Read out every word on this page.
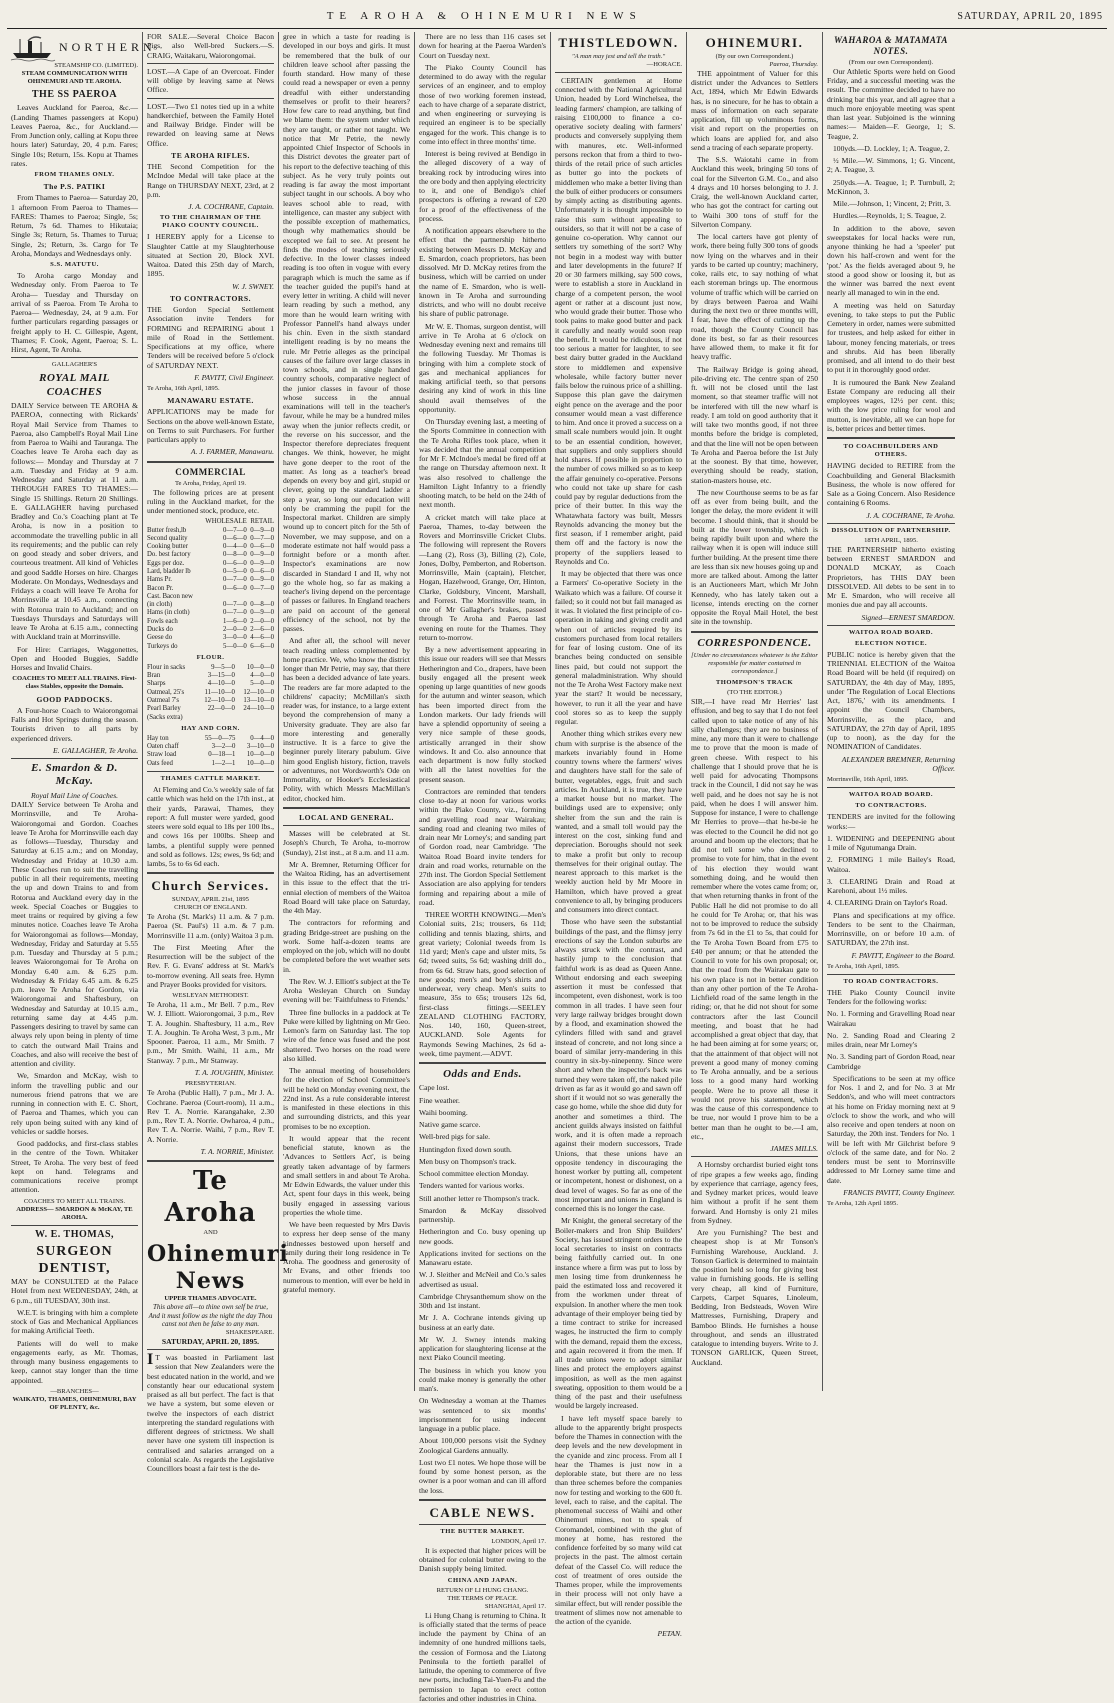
TE AROHA & OHINEMURI NEWS	SATURDAY, APRIL 20, 1895
NORTHERN
STEAMSHIP CO. (LIMITED).
STEAM COMMUNICATION WITH OHINEMURI AND TE AROHA.
THE SS PAEROA

Leaves Auckland for Paeroa, &c.— (Landing Thames passengers at Kopu) Leaves Paeroa, &c., for Auckland.— From Junction only, calling at Kopu three hours later) Saturday, 20, 4 p.m. Fares; Single 10s; Return, 15s. Kopu at Thames rates.

FROM THAMES ONLY.
The P.S. PATIKI

From Thames to Paeroa— Saturday 20, 1 afternoon From Paeroa to Thames— FARES: Thames to Paeroa; Single, 5s; Return, 7s 6d. Thames to Hikutaia; Single 3s; Return, 5s. Thames to Turua; Single, 2s; Return, 3s. Cargo for Te Aroha, Mondays and Wednesdays only.

S.S. MATUTU.

To Aroha cargo Monday and Wednesday only. From Paeroa to Te Aroha— Tuesday and Thursday on arrival of ss Paeroa. From Te Aroha to Paeroa— Wednesday, 24, at 9 a.m. For further particulars regarding passages or freight apply to H. C. Gillespie, Agent, Thames; F. Cook, Agent, Paeroa; S. L. Hirst, Agent, Te Aroha.

GALLAGHER'S
ROYAL MAIL COACHES

DAILY Service between TE AROHA & PAEROA, connecting with Rickards' Royal Mail Service from Thames to Paeroa, also Campbell's Royal Mail Line from Paeroa to Waihi and Tauranga. The Coaches leave Te Aroha each day as follows:— Monday and Thursday at 7 a.m. Tuesday and Friday at 9 a.m. Wednesday and Saturday at 11 a.m. THROUGH FARES TO THAMES:— Single 15 Shillings. Return 20 Shillings. E. GALLAGHER having purchased Bradley and Co.'s Coaching plant at Te Aroha, is now in a position to accommodate the travelling public in all its requirements; and the public can rely on good steady and sober drivers, and courteous treatment. All kind of Vehicles and good Saddle Horses on hire. Charges Moderate. On Mondays, Wednesdays and Fridays a coach will leave Te Aroha for Morrinsville at 10.45 a.m., connecting with Rotorua train to Auckland; and on Tuesdays Thursdays and Saturdays will leave Te Aroha at 6.15 a.m., connecting with Auckland train at Morrinsville.

For Hire: Carriages, Waggonettes, Open and Hooded Buggies, Saddle Horses and Invalid Chairs.

COACHES TO MEET ALL TRAINS. First-class Stables, opposite the Domain.
GOOD PADDOCKS.

A Four-horse Coach to Waiorongomai Falls and Hot Springs during the season. Tourists driven to all parts by experienced drivers.

E. GALLAGHER, Te Aroha.
E. Smardon & D. McKay.
Royal Mail Line of Coaches.

DAILY Service between Te Aroha and Morrinsville, and Te Aroha-Waiorongomai and Gordon. Coaches leave Te Aroha for Morrinsville each day as follows—Tuesday, Thursday and Saturday at 6.15 a.m.; and on Monday, Wednesday and Friday at 10.30 a.m. These Coaches run to suit the travelling public in all their requirements, meeting the up and down Trains to and from Rotorua and Auckland every day in the week. Special Coaches or Buggies to meet trains or required by giving a few minutes notice. Coaches leave Te Aroha for Waiorongomai as follows—Monday, Wednesday, Friday and Saturday at 5.55 p.m. Tuesday and Thursday at 5 p.m.; leaves Waiorongomai for Te Aroha on Monday 6.40 a.m. & 6.25 p.m. Wednesday & Friday 6.45 a.m. & 6.25 p.m. leave Te Aroha for Gordon, via Waiorongomai and Shaftesbury, on Wednesday and Saturday at 10.15 a.m., returning same day at 4.45 p.m. Passengers desiring to travel by same can always rely upon being in plenty of time to catch the outward Mail Trains and Coaches, and also will receive the best of attention and civility.

We, Smardon and McKay, wish to inform the travelling public and our numerous friend patrons that we are running in connection with E. C. Short, of Paeroa and Thames, which you can rely upon being suited with any kind of vehicles or saddle horses.

Good paddocks, and first-class stables in the centre of the Town. Whitaker Street, Te Aroha. The very best of feed kept on hand. Telegrams and communications receive prompt attention.

COACHES TO MEET ALL TRAINS.
ADDRESS— SMARDON & McKAY, TE AROHA.
W. E. THOMAS,
SURGEON DENTIST,

MAY be CONSULTED at the Palace Hotel from next WEDNESDAY, 24th, at 6 p.m., till TUESDAY, 30th inst.

W.E.T. is bringing with him a complete stock of Gas and Mechanical Appliances for making Artificial Teeth.

Patients will do well to make engagements early, as Mr. Thomas, through many business engagements to keep, cannot stay longer than the time appointed.

—BRANCHES—
WAIKATO, THAMES, OHINEMURI, BAY OF PLENTY, &c.

FOR SALE.—Several Choice Bacon Pigs, also Well-bred Suckers.—S. CRAIG, Waitakaru, Waiorongomai.

LOST.—A Cape of an Overcoat. Finder will oblige by leaving same at News Office.

LOST.—Two £1 notes tied up in a white handkerchief, between the Family Hotel and Railway Bridge. Finder will be rewarded on leaving same at News Office.

TE AROHA RIFLES.

THE Second Competition for the McIndoe Medal will take place at the Range on THURSDAY NEXT, 23rd, at 2 p.m.

J. A. COCHRANE, Captain.
TO THE CHAIRMAN OF THE PIAKO COUNTY COUNCIL.

I HEREBY apply for a License to Slaughter Cattle at my Slaughterhouse situated at Section 20, Block XVI. Waitoa. Dated this 25th day of March, 1895.

W. J. SWNEY.
TO CONTRACTORS.

THE Gordon Special Settlement Association invite Tenders for FORMING and REPAIRING about 1 mile of Road in the Settlement. Specifications at my office, where Tenders will be received before 5 o'clock of SATURDAY NEXT.

F. PAVITT, Civil Engineer.
Te Aroha, 16th April, 1895.
MANAWARU ESTATE.

APPLICATIONS may be made for Sections on the above well-known Estate, on Terms to suit Purchasers. For further particulars apply to

A. J. FARMER, Manawaru.
COMMERCIAL
Te Aroha, Friday, April 19.

The following prices are at present ruling in the Auckland market, for the under mentioned stock, produce, etc.

	WHOLESALE	RETAIL
Butter fresh,lb	0—7—0	0—9—0
Second quality	0—6—0	0—7—0
Cooking butter	0—4—0	0—6—0
Do. best factory	0—8—0	0—9—0
Eggs per doz.	0—6—0	0—9—0
Lard, bladder lb	0—5—0	0—6—0
Hams Pr.	0—7—0	0—9—0
Bacon Pr.	0—6—0	0—7—0
Cast. Bacon new		
(in cloth)	0—7—0	0—8—0
Hams (in cloth)	0—7—0	0—9—0
Fowls each	1—6—0	2—0—0
Ducks do	2—0—0	2—6—0
Geese do	3—0—0	4—6—0
Turkeys do	5—0—0	6—6—0
FLOUR.
Flour in sacks	9—5—0	10—0—0
Bran	3—15—0	4—0—0
Sharps	4—10—0	5—0—0
Oatmeal, 25's	11—10—0	12—10—0
Oatmeal 7's	12—10—0	13—10—0
Pearl Barley	22—0—0	24—10—0
(Sacks extra)		
HAY AND CORN.
Hay ton	55—0—75	0—4—0
Oaten chaff	3—2—0	3—10—0
Straw load	0—18—1	10—0—0
Oats feed	1—2—1	10—0—0
THAMES CATTLE MARKET.

At Fleming and Co.'s weekly sale of fat cattle which was held on the 17th inst., at their yards, Parawai, Thames, they report: A full muster were yarded, good steers were sold equal to 18s per 100 lbs., and cows 16s per 100lbs. Sheep and lambs, a plentiful supply were penned and sold as follows. 12s; ewes, 9s 6d; and lambs, 5s to 6s 6d each.

Church Services.
SUNDAY, APRIL 21st, 1895
CHURCH OF ENGLAND.

Te Aroha (St. Mark's) 11 a.m. & 7 p.m. Paeroa (St. Paul's) 11 a.m. & 7 p.m. Morrinsville 11 a.m. (only) Waitoa 3 p.m.

The First Meeting After the Resurrection will be the subject of the Rev. F. G. Evans' address at St. Mark's to-morrow evening. All seats free. Hymn and Prayer Books provided for visitors.

WESLEYAN METHODIST.

Te Aroha, 11 a.m., Mr Bell. 7 p.m., Rev W. J. Elliott. Waiorongomai, 3 p.m., Rev T. A. Joughin. Shaftesbury, 11 a.m., Rev T. A. Joughin. Te Aroha West, 3 p.m., Mr Spooner. Paeroa, 11 a.m., Mr Smith. 7 p.m., Mr Smith. Waihi, 11 a.m., Mr Stanway. 7 p.m., Mr Stanway.

T. A. JOUGHIN, Minister.
PRESBYTERIAN.

Te Aroha (Public Hall), 7 p.m., Mr J. A. Cochrane. Paeroa (Court-room), 11 a.m., Rev T. A. Norrie. Karangahake, 2.30 p.m., Rev T. A. Norrie. Owharoa, 4 p.m., Rev T. A. Norrie. Waihi, 7 p.m., Rev T. A. Norrie.

T. A. NORRIE, Minister.
Te Aroha
AND
Ohinemuri News
UPPER THAMES ADVOCATE.
This above all—to thine own self be true, And it must follow as the night the day Thou canst not then be false to any man.
SHAKESPEARE.
SATURDAY, APRIL 20, 1895.

IT was boasted in Parliament last session that New Zealanders were the best educated nation in the world, and we constantly hear our educational system praised as all but perfect. The fact is that we have a system, but some eleven or twelve the inspectors of each district interpreting the standard regulations with different degrees of strictness. We shall never have one system till inspection is centralised and salaries arranged on a colonial scale. As regards the Legislative Councillors boast a fair test is the de-

gree in which a taste for reading is developed in our boys and girls. It must be remembered that the bulk of our children leave school after passing the fourth standard. How many of these could read a newspaper or even a penny dreadful with either understanding themselves or profit to their hearers? How few care to read anything, but find we blame them: the system under which they are taught, or rather not taught. We notice that Mr Petrie, the newly appointed Chief Inspector of Schools in this District devotes the greater part of his report to the defective teaching of this subject. As he very truly points out reading is far away the most important subject taught in our schools. A boy who leaves school able to read, with intelligence, can master any subject with the possible exception of mathematics, though why mathematics should be excepted we fail to see. At present he finds the modes of teaching seriously defective. In the lower classes indeed reading is too often in vogue with every paragraph which is much the same as if the teacher guided the pupil's hand at every letter in writing. A child will never learn reading by such a method, any more than he would learn writing with Professor Pannell's hand always under his chin. Even in the sixth standard intelligent reading is by no means the rule. Mr Petrie alleges as the principal causes of the failure over large classes in town schools, and in single handed country schools, comparative neglect of the junior classes in favour of those whose success in the annual examinations will tell in the teacher's favour, while he may be a hundred miles away when the junior reflects credit, or the reverse on his successor, and the Inspector therefore depreciates frequent changes. We think, however, he might have gone deeper to the root of the matter. As long as a teacher's bread depends on every boy and girl, stupid or clever, going up the standard ladder a step a year, so long our education will only be cramming the pupil for the Inspectoral market. Children are simply wound up to concert pitch for the 5th of November, we may suppose, and on a moderate estimate not half would pass a fortnight before or a month after. Inspector's examinations are now discarded in Standard I and II, why not go the whole hog, so far as making a teacher's living depend on the percentage of passes or failures. In England teachers are paid on account of the general efficiency of the school, not by the passes.

And after all, the school will never teach reading unless complemented by home practice. We, who know the district longer than Mr Petrie, may say, that there has been a decided advance of late years. The readers are far more adapted to the childrens' capacity; McMillan's sixth reader was, for instance, to a large extent beyond the comprehension of many a University graduate. They are also far more interesting and generally instructive. It is a farce to give the beginner purely literary pabulum. Give him good English history, fiction, travels or adventures, not Wordsworth's Ode on Immortality, or Hooker's Ecclesiastical Polity, with which Messrs MacMillan's editor, chocked him.

LOCAL AND GENERAL.

Masses will be celebrated at St. Joseph's Church, Te Aroha, to-morrow (Sunday), 21st inst., at 8 a.m. and 11 a.m.

Mr A. Bremner, Returning Officer for the Waitoa Riding, has an advertisement in this issue to the effect that the tri-ennial election of members of the Waitoa Road Board will take place on Saturday, the 4th May.

The contractors for reforming and grading Bridge-street are pushing on the work. Some half-a-dozen teams are employed on the job, which will no doubt be completed before the wet weather sets in.

The Rev. W. J. Elliott's subject at the Te Aroha Wesleyan Church on Sunday evening will be: 'Faithfulness to Friends.'

Three fine bullocks in a paddock at Te Puke were killed by lightning on Mr Geo. Lemon's farm on Saturday last. The top wire of the fence was fused and the post shattered. Two horses on the road were also killed.

The annual meeting of householders for the election of School Committee's will be held on Monday evening next, the 22nd inst. As a rule considerable interest is manifested in these elections in this and surrounding districts, and this year promises to be no exception.

It would appear that the recent beneficial statute, known as the 'Advances to Settlers Act', is being greatly taken advantage of by farmers and small settlers in and about Te Aroha. Mr Edwin Edwards, the valuer under this Act, spent four days in this week, being busily engaged in assessing various properties the whole time.

We have been requested by Mrs Davis to express her deep sense of the many kindnesses bestowed upon herself and family during their long residence in Te Aroha. The goodness and generosity of Mr Evans, and other friends too numerous to mention, will ever be held in grateful memory.

There are no less than 116 cases set down for hearing at the Paeroa Warden's Court on Tuesday next.

The Piako County Council has determined to do away with the regular services of an engineer, and to employ those of two working foremen instead, each to have charge of a separate district, and when engineering or surveying is required an engineer is to be specially engaged for the work. This change is to come into effect in three months' time.

Interest is being revived at Bendigo in the alleged discovery of a way of breaking rock by introducing wires into the ore body and then applying electricity to it, and one of Bendigo's chief prospectors is offering a reward of £20 for a proof of the effectiveness of the process.

A notification appears elsewhere to the effect that the partnership hitherto existing between Messrs D. McKay and E. Smardon, coach proprietors, has been dissolved. Mr D. McKay retires from the business, which will be carried on under the name of E. Smardon, who is well-known in Te Aroha and surrounding districts, and who will no doubt receive his share of public patronage.

Mr W. E. Thomas, surgeon dentist, will arrive in Te Aroha at 6 o'clock on Wednesday evening next and remains till the following Tuesday. Mr Thomas is bringing with him a complete stock of gas and mechanical appliances for making artificial teeth, so that persons desiring any kind of work in this line should avail themselves of the opportunity.

On Thursday evening last, a meeting of the Sports Committee in connection with the Te Aroha Rifles took place, when it was decided that the annual competition for Mr F. McIndoe's medal be fired off at the range on Thursday afternoon next. It was also resolved to challenge the Hamilton Light Infantry to a friendly shooting match, to be held on the 24th of next month.

A cricket match will take place at Paeroa, Thames, to-day between the Rovers and Morrinsville Cricket Clubs. The following will represent the Rovers—Lang (2), Ross (3), Billing (2), Cole, Jones, Dolby, Pemberton, and Robertson. Morrinsville, Main (captain), Fletcher, Hogan, Hazelwood, Grange, Orr, Hinton, Clarke, Goldsbury, Vincent, Marshall, and Forrest. The Morrinsville team, in one of Mr Gallagher's brakes, passed through Te Aroha and Paeroa last evening en route for the Thames. They return to-morrow.

By a new advertisement appearing in this issue our readers will see that Messrs Hetherington and Co., drapers, have been busily engaged all the present week opening up large quantities of new goods for the autumn and winter season, which has been imported direct from the London markets. Our lady friends will have a splendid opportunity of seeing a very nice sample of these goods, artistically arranged in their show windows. It and Co. also announce that each department is now fully stocked with all the latest novelties for the present season.

Contractors are reminded that tenders close to-day at noon for various works within the Piako County, viz., forming and gravelling road near Wairakau; sanding road and cleaning two miles of drain near Mr Lorney's; and sanding part of Gordon road, near Cambridge. 'The Waitoa Road Board invite tenders for drain and road works, returnable on the 27th inst. The Gordon Special Settlement Association are also applying for tenders forming and repairing about a mile of road.

THREE WORTH KNOWING.—Men's Colonial suits, 21s; trousers, 6s 11d; colliding and tennis blazing, shirts, and great variety; Colonial tweeds from 1s 11d yard; Men's cape and ulster mits, 5s 6d; tweed suits, 5s 6d; washing drill do., from 6s 6d. Straw hats, good selection of new goods; men's and boy's shirts and underwear, very cheap. Men's suits to measure, 35s to 65s; trousers 12s 6d, first-class fittings.—SEELEY ZEALAND CLOTHING FACTORY, Nos. 140, 160, Queen-street, AUCKLAND. Sole Agents for Raymonds Sewing Machines, 2s 6d a-week, time payment.—ADVT.

Odds and Ends.

Cape lost.

Fine weather.

Waihi booming.

Native game scarce.

Well-bred pigs for sale.

Huntingdon fixed down south.

Men busy on Thompson's track.

School committee election Monday.

Tenders wanted for various works.

Still another letter re Thompson's track.

Smardon & McKay dissolved partnership.

Hetherington and Co. busy opening up new goods.

Applications invited for sections on the Manawaru estate.

W. J. Sleither and McNeil and Co.'s sales advertised as usual.

Cambridge Chrysanthemum show on the 30th and 1st instant.

Mr J. A. Cochrane intends giving up business at an early date.

Mr W. J. Swney intends making application for slaughtering license at the next Piako Council meeting.

The business in which you know you could make money is generally the other man's.

On Wednesday a woman at the Thames was sentenced to six months' imprisonment for using indecent language in a public place.

About 100,000 persons visit the Sydney Zoological Gardens annually.

Lost two £1 notes. We hope those will be found by some honest person, as the owner is a poor woman and can ill afford the loss.

CABLE NEWS.
THE BUTTER MARKET.
LONDON, April 17.

It is expected that higher prices will be obtained for colonial butter owing to the Danish supply being limited.

CHINA AND JAPAN.
RETURN OF LI HUNG CHANG.
THE TERMS OF PEACE.
SHANGHAI, April 17.

Li Hung Chang is returning to China. It is officially stated that the terms of peace include the payment by China of an indemnity of one hundred millions taels, the cession of Formosa and the Liatong Peninsula to the fortieth parallel of latitude, the opening to commerce of five new ports, including Tai-Yuen-Fu and the permission to Japan to erect cotton factories and other industries in China.

THISTLEDOWN.
"A man may jest and tell the truth."
—HORACE.

CERTAIN gentlemen at Home connected with the National Agricultural Union, headed by Lord Winchelsea, the leading farmers' champion, are talking of raising £100,000 to finance a co-operative society dealing with farmers' products and conversely supplying them with manures, etc. Well-informed persons reckon that from a third to two-thirds of the retail price of such articles as butter go into the pockets of middlemen who make a better living than the bulk of either producers or consumers by simply acting as distributing agents. Unfortunately it is thought impossible to raise this sum without appealing to outsiders, so that it will not be a case of genuine co-operation. Why cannot our settlers try something of the sort? Why not begin in a modest way with butter and later developments in the future? If 20 or 30 farmers milking, say 500 cows, were to establish a store in Auckland in charge of a competent person, the wool agent or rather at a discount just now, who would grade their butter. Those who took pains to make good butter and pack it carefully and neatly would soon reap the benefit. It would be ridiculous, if not too serious a matter for laughter, to see best dairy butter graded in the Auckland store to middlemen and expensive wholesale, while factory butter never fails below the ruinous price of a shilling. Suppose this plan gave the dairymen eight pence on the average and the poor consumer would mean a vast difference to him. And once it proved a success on a small scale numbers would join. It ought to be an essential condition, however, that suppliers and only suppliers should hold shares. If possible in proportion to the number of cows milked so as to keep the affair genuinely co-operative. Persons who could not take up share for cash could pay by regular deductions from the price of their butter. In this way the Whatawhata factory was built, Messrs Reynolds advancing the money but the first season, if I remember aright, paid them off and the factory is now the property of the suppliers leased to Reynolds and Co.

It may be objected that there was once a Farmers' Co-operative Society in the Waikato which was a failure. Of course it failed; so it could not but fail managed as it was. It violated the first principle of co-operation in taking and giving credit and when out of articles required by its customers purchased from local retailers for fear of losing custom. One of its branches being conducted on sensible lines paid, but could not support the general maladministration. Why should not the Te Aroha West Factory make next year the start? It would be necessary, however, to run it all the year and have cool stores so as to keep the supply regular.

Another thing which strikes every new chum with surprise is the absence of the markets invariably found in Home country towns where the farmers' wives and daughters have stall for the sale of butter, vegetables, eggs, fruit and such articles. In Auckland, it is true, they have a market house but no market. The buildings used are to expensive; only shelter from the sun and the rain is wanted, and a small toll would pay the interest on the cost, sinking fund and depreciation. Boroughs should not seek to make a profit but only to recoup themselves for their original outlay. The nearest approach to this market is the weekly auction held by Mr Moore in Hamilton, which have proved a great convenience to all, by bringing producers and consumers into direct contact.

Those who have seen the substantial buildings of the past, and the flimsy jerry erections of say the London suburbs are always struck with the contrast, and hastily jump to the conclusion that faithful work is as dead as Queen Anne. Without endorsing and each sweeping assertion it must be confessed that incompetent, even dishonest, work is too common in all trades. I have seen four very large railway bridges brought down by a flood, and examination showed the cylinders filled with sand and gravel instead of concrete, and not long since a board of similar jerry-mandering in this country in six-by-ninepenny. Since were short and when the inspector's back was turned they were taken off, the naked pile driven as far as it would go and sawn off short if it would not so was generally the case go home, while the shoe did duty for another and sometimes a third. The ancient guilds always insisted on faithful work, and it is often made a reproach against their modern successors, Trade Unions, that these unions have an opposite tendency in discouraging the honest worker by putting all, competent or incompetent, honest or dishonest, on a dead level of wages. So far as one of the most important and unions in England is concerned this is no longer the case.

Mr Knight, the general secretary of the Boiler-makers and Iron Ship Builders' Society, has issued stringent orders to the local secretaries to insist on contracts being faithfully carried out. In one instance where a firm was put to loss by men losing time from drunkenness he paid the estimated loss and recovered it from the workmen under threat of expulsion. In another where the men took advantage of their employer being tied by a time contract to strike for increased wages, he instructed the firm to comply with the demand, repaid them the excess, and again recovered it from the men. If all trade unions were to adopt similar lines and protect the employers against imposition, as well as the men against sweating, opposition to them would be a thing of the past and their usefulness would be largely increased.

I have left myself space barely to allude to the apparently bright prospects before the Thames in connection with the deep levels and the new development in the cyanide and zinc process. From all I hear the Thames is just now in a deplorable state, but there are no less than three schemes before the companies now for testing and working to the 600 ft. level, each to raise, and the capital. The phenomenal success of Waihi and other Ohinemuri mines, not to speak of Coromandel, combined with the glut of money at home, has restored the confidence forfeited by so many wild cat projects in the past. The almost certain defeat of the Cassel Co. will reduce the cost of treatment of ores outside the Thames proper, while the improvements in their process will not only have a similar effect, but will render possible the treatment of slimes now not amenable to the action of the cyanide.

PETAN.
OHINEMURI.
(By our own Correspondent.)
Paeroa, Thursday.

THE appointment of Valuer for this district under the Advances to Settlers Act, 1894, which Mr Edwin Edwards has, is no sinecure, for he has to obtain a mass of information on each separate application, fill up voluminous forms, visit and report on the properties on which loans are applied for, and also send a tracing of each separate property.

The S.S. Waiotahi came in from Auckland this week, bringing 50 tons of coal for the Silverton G.M. Co., and also 4 drays and 10 horses belonging to J. J. Craig, the well-known Auckland carter, who has got the contract for carting out to Waihi 300 tons of stuff for the Silverton Company.

The local carters have got plenty of work, there being fully 300 tons of goods now lying on the wharves and in their yards to be carted up country; machinery, coke, rails etc, to say nothing of what each storeman brings up. The enormous volume of traffic which will be carried on by drays between Paeroa and Waihi during the next two or three months will, I fear, have the effect of cutting up the road, though the County Council has done its best, so far as their resources have allowed them, to make it fit for heavy traffic.

The Railway Bridge is going ahead, pile-driving etc. The centre span of 250 ft. will not be closed until the last moment, so that steamer traffic will not be interfered with till the new wharf is ready. I am told on good authority that it will take two months good, if not three months before the bridge is completed, and that the line will not be open between Te Aroha and Paeroa before the 1st July at the soonest. By that time, however, everything should be ready, station, station-masters house, etc.

The new Courthouse seems to be as far off as ever from being built, and the longer the delay, the more evident it will become. I should think, that it should be built at the lower township, which is being rapidly built upon and where the railway when it is open will induce still further building. At the present time there are less than six new houses going up and more are talked about. Among the latter is an Auctioneers Mart, which Mr John Kennedy, who has lately taken out a license, intends erecting on the corner opposite the Royal Mail Hotel, the best site in the township.

CORRESPONDENCE.
[Under no circumstances whatever is the Editor responsible for matter contained in correspondence.]
THOMPSON'S TRACK
(TO THE EDITOR.)

SIR,—I have read Mr Herries' last effusion, and beg to say that I do not feel called upon to take notice of any of his silly challenges; they are no business of mine, any more than it were to challenge me to prove that the moon is made of green cheese. With respect to his challenge that I should prove that he is well paid for advocating Thompsons track in the Council, I did not say he was well paid, and he does not say he is not paid, when he does I will answer him. Suppose for instance, I were to challenge Mr Herries to prove—that he-be-ie he was elected to the Council he did not go around and boom up the electors; that he did not tell some who declined to promise to vote for him, that in the event of his election they would want something doing, and he would then remember where the votes came from; or, that when returning thanks in front of the Public Hall he did not promise to do all he could for Te Aroha; or, that his was not to be improved to reduce the subsidy from 7s 6d in the £1 to 5s, that could for the Te Aroha Town Board from £75 to £40 per annum; or that he attended the Council to vote for his own proposal; or, that the road from the Wairakau gate to his own place is not in better condition than any other portion of the Te Aroha-Lichfield road of the same length in the riding; or, that he did not shout for some contractors after the last Council meeting, and boast that he had accomplished a great object that day, that he had been aiming at for some years; or, that the attainment of that object will not prevent a good many of money coming to Te Aroha annually, and be a serious loss to a good many hard working people. Were he to prove all these it would not prove his statement, which was the cause of this correspondence to be true, nor would I prove him to be a better man than he ought to be.—I am, etc.,

JAMES MILLS.

A Hornsby orchardist buried eight tons of ripe grapes a few weeks ago, finding by experience that carriage, agency fees, and Sydney market prices, would leave him without a profit if he sent them forward. And Hornsby is only 21 miles from Sydney.

Are you Furnishing? The best and cheapest shop is at Mr Tonson's Furnishing Warehouse, Auckland. J. Tonson Garlick is determined to maintain the position held so long for giving best value in furnishing goods. He is selling very cheap, all kind of Furniture, Carpets, Carpet Squares, Linoleum, Bedding, Iron Bedsteads, Woven Wire Mattresses, Furnishing, Drapery and Bamboo Blinds. He furnishes a house throughout, and sends an illustrated catalogue to intending buyers. Write to J. TONSON GARLICK, Queen Street, Auckland.

WAHAROA & MATAMATA NOTES.
(From our own Correspondent).

Our Athletic Sports were held on Good Friday, and a successful meeting was the result. The committee decided to have no drinking bar this year, and all agree that a much more enjoyable meeting was spent than last year. Subjoined is the winning names:— Maiden—F. George, 1; S. Teague, 2.

100yds.—D. Lockley, 1; A. Teague, 2.

½ Mile.—W. Simmons, 1; G. Vincent, 2; A. Teague, 3.

250yds.—A. Teague, 1; P. Turnbull, 2; McKinnon, 3.

Mile.—Johnson, 1; Vincent, 2; Pritt, 3.

Hurdles.—Reynolds, 1; S. Teague, 2.

In addition to the above, seven sweepstakes for local hacks were run, anyone thinking he had a 'speeler' put down his half-crown and went for the 'pot.' As the fields averaged about 9, he stood a good show or loosing it, but as the winner was barred the next event nearly all managed to win in the end.

A meeting was held on Saturday evening, to take steps to put the Public Cemetery in order, names were submitted for trustees, and help asked for either in labour, money fencing materials, or trees and shrubs. Aid has been liberally promised, and all intend to do their best to put it in thoroughly good order.

It is rumoured the Bank New Zealand Estate Company are reducing all their employees wages, 12½ per cent. this; with the low price ruling for wool and mutton, is inevitable, all we can hope for is, better prices and better times.

TO COACHBUILDERS AND OTHERS.

HAVING decided to RETIRE from the Coachbuilding and General Blacksmith Business, the whole is now offered for Sale as a Going Concern. Also Residence containing 6 Rooms.

J. A. COCHRANE, Te Aroha.
DISSOLUTION OF PARTNERSHIP.
18TH APRIL, 1895.

THE PARTNERSHIP hitherto existing between ERNEST SMARDON and DONALD MCKAY, as Coach Proprietors, has THIS DAY been DISSOLVED. All debts to be sent in to Mr E. Smardon, who will receive all monies due and pay all accounts.

Signed—ERNEST SMARDON.
WAITOA ROAD BOARD.
ELECTION NOTICE.

PUBLIC notice is hereby given that the TRIENNIAL ELECTION of the Waitoa Road Board will be held (if required) on SATURDAY, the 4th day of May, 1895, under 'The Regulation of Local Elections Act, 1876,' with its amendments. I appoint the Council Chambers, Morrinsville, as the place, and SATURDAY, the 27th day of April, 1895 (up to noon), as the day for the NOMINATION of Candidates.

ALEXANDER BREMNER, Returning Officer.
Morrinsville, 16th April, 1895.
WAITOA ROAD BOARD.
TO CONTRACTORS.

TENDERS are invited for the following works:—

1. WIDENING and DEEPENING about 1 mile of Ngutumanga Drain.

2. FORMING 1 mile Bailey's Road, Waitoa.

3. CLEARING Drain and Road at Karehoni, about 1½ miles.

4. CLEARING Drain on Taylor's Road.

Plans and specifications at my office. Tenders to be sent to the Chairman, Morrinsville, on or before 10 a.m. of SATURDAY, the 27th inst.

F. PAVITT, Engineer to the Board.
Te Aroha, 16th April, 1895.
TO ROAD CONTRACTORS.

THE Piako County Council invite Tenders for the following works:

No. 1. Forming and Gravelling Road near Wairakau

No. 2. Sanding Road and Clearing 2 miles drain, near Mr Lorney's

No. 3. Sanding part of Gordon Road, near Cambridge

Specifications to be seen at my office for Nos. 1 and 2, and for No. 3 at Mr Seddon's, and who will meet contractors at his home on Friday morning next at 9 o'clock to show the work, and who will also receive and open tenders at noon on Saturday, the 20th inst. Tenders for No. 1 will be left with Mr Gilchrist before 9 o'clock of the same date, and for No. 2 tenders must be sent to Morrinsville addressed to Mr Lorney same time and date.

FRANCIS PAVITT, County Engineer.
Te Aroha, 12th April 1895.
